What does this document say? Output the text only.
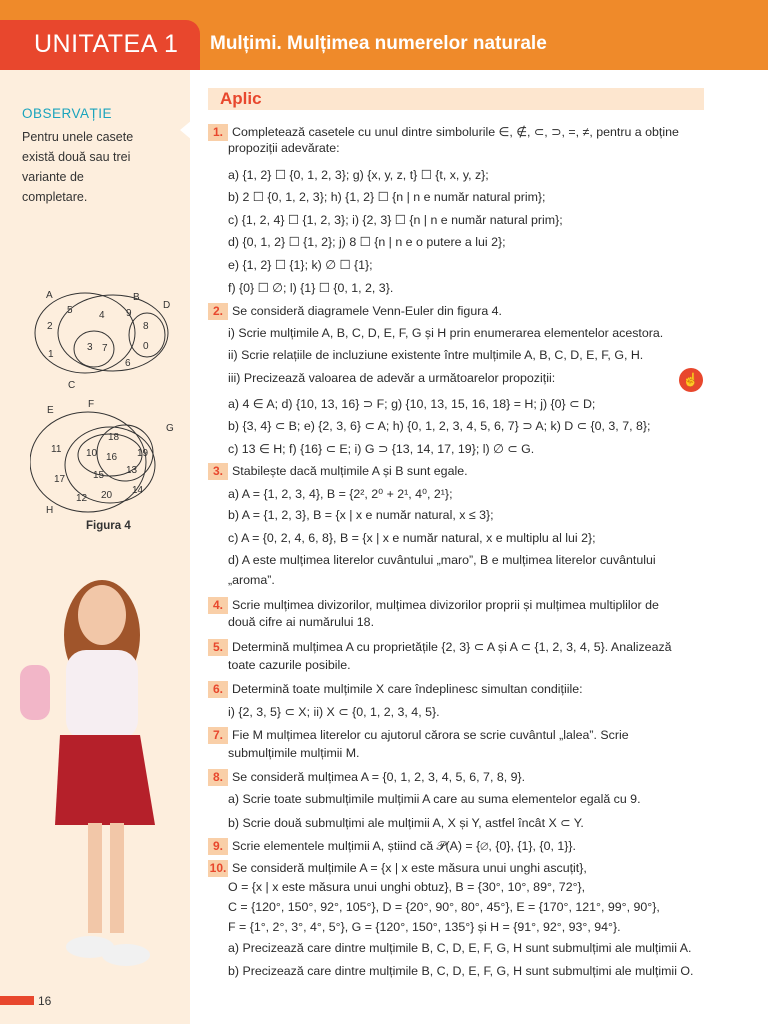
UNITATEA 1 Mulțimi. Mulțimea numerelor naturale
OBSERVAȚIE
Pentru unele casete există două sau trei variante de completare.
A	B
C
D
5	4 9
2	8
3 7	0
1
6
E
F
G
H
18
11 10 16 19
13
15
17
14
12 20
Figura 4
16
Aplic
☝
1. Completează casetele cu unul dintre simbolurile ∈, ∉, ⊂, ⊃, =, ≠, pentru a obține
propoziții adevărate:
a) {1, 2} ☐ {0, 1, 2, 3}; g) {x, y, z, t} ☐ {t, x, y, z};
b) 2 ☐ {0, 1, 2, 3}; h) {1, 2} ☐ {n | n e număr natural prim};
c) {1, 2, 4} ☐ {1, 2, 3}; i) {2, 3} ☐ {n | n e număr natural prim};
d) {0, 1, 2} ☐ {1, 2}; j) 8 ☐ {n | n e o putere a lui 2};
e) {1, 2} ☐ {1}; k) ∅ ☐ {1};
f) {0} ☐ ∅; l) {1} ☐ {0, 1, 2, 3}.
2. Se consideră diagramele Venn-Euler din figura 4.
i) Scrie mulțimile A, B, C, D, E, F, G și H prin enumerarea elementelor acestora.
ii) Scrie relațiile de incluziune existente între mulțimile A, B, C, D, E, F, G, H.
iii) Precizează valoarea de adevăr a următoarelor propoziții:
a) 4 ∈ A; d) {10, 13, 16} ⊃ F; g) {10, 13, 15, 16, 18} = H; j) {0} ⊂ D;
b) {3, 4} ⊂ B; e) {2, 3, 6} ⊂ A; h) {0, 1, 2, 3, 4, 5, 6, 7} ⊃ A; k) D ⊂ {0, 3, 7, 8};
c) 13 ∈ H; f) {16} ⊂ E; i) G ⊃ {13, 14, 17, 19}; l) ∅ ⊂ G.
3. Stabilește dacă mulțimile A și B sunt egale.
a) A = {1, 2, 3, 4}, B = {2², 2⁰ + 2¹, 4⁰, 2¹};
b) A = {1, 2, 3}, B = {x | x e număr natural, x ≤ 3};
c) A = {0, 2, 4, 6, 8}, B = {x | x e număr natural, x e multiplu al lui 2};
d) A este mulțimea literelor cuvântului „maro”, B e mulțimea literelor cuvântului
„aroma”.
4. Scrie mulțimea divizorilor, mulțimea divizorilor proprii și mulțimea multiplilor de
două cifre ai numărului 18.
5. Determină mulțimea A cu proprietățile {2, 3} ⊂ A și A ⊂ {1, 2, 3, 4, 5}. Analizează
toate cazurile posibile.
6. Determină toate mulțimile X care îndeplinesc simultan condițiile:
i) {2, 3, 5} ⊂ X; ii) X ⊂ {0, 1, 2, 3, 4, 5}.
7. Fie M mulțimea literelor cu ajutorul cărora se scrie cuvântul „lalea”. Scrie
submulțimile mulțimii M.
8. Se consideră mulțimea A = {0, 1, 2, 3, 4, 5, 6, 7, 8, 9}.
a) Scrie toate submulțimile mulțimii A care au suma elementelor egală cu 9.
b) Scrie două submulțimi ale mulțimii A, X și Y, astfel încât X ⊂ Y.
9. Scrie elementele mulțimii A, știind că 𝒫(A) = {∅, {0}, {1}, {0, 1}}.
10. Se consideră mulțimile A = {x | x este măsura unui unghi ascuțit},
O = {x | x este măsura unui unghi obtuz}, B = {30°, 10°, 89°, 72°},
C = {120°, 150°, 92°, 105°}, D = {20°, 90°, 80°, 45°}, E = {170°, 121°, 99°, 90°},
F = {1°, 2°, 3°, 4°, 5°}, G = {120°, 150°, 135°} și H = {91°, 92°, 93°, 94°}.
a) Precizează care dintre mulțimile B, C, D, E, F, G, H sunt submulțimi ale mulțimii A.
b) Precizează care dintre mulțimile B, C, D, E, F, G, H sunt submulțimi ale mulțimii O.
